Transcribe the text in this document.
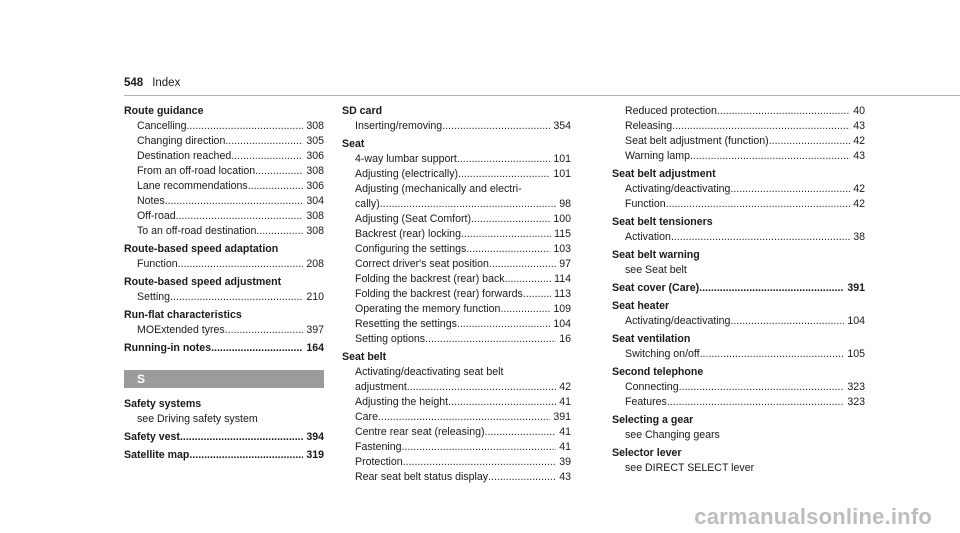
548 Index
Route guidance
Cancelling .....	308
Changing direction .....	305
Destination reached .....	306
From an off-road location .....	308
Lane recommendations .....	306
Notes .....	304
Off-road .....	308
To an off-road destination .....	308
Route-based speed adaptation
Function .....	208
Route-based speed adjustment
Setting .....	210
Run-flat characteristics
MOExtended tyres .....	397
Running-in notes .....	164
S
Safety systems
see Driving safety system
Safety vest .....	394
Satellite map .....	319
SD card
Inserting/removing .....	354
Seat
4-way lumbar support .....	101
Adjusting (electrically) .....	101
Adjusting (mechanically and electri-
cally) .....	98
Adjusting (Seat Comfort) .....	100
Backrest (rear) locking .....	115
Configuring the settings .....	103
Correct driver's seat position .....	97
Folding the backrest (rear) back .....	114
Folding the backrest (rear) forwards .....	113
Operating the memory function .....	109
Resetting the settings .....	104
Setting options .....	16
Seat belt
Activating/deactivating seat belt
adjustment .....	42
Adjusting the height .....	41
Care .....	391
Centre rear seat (releasing) .....	41
Fastening .....	41
Protection .....	39
Rear seat belt status display .....	43
Reduced protection .....	40
Releasing .....	43
Seat belt adjustment (function) .....	42
Warning lamp .....	43
Seat belt adjustment
Activating/deactivating .....	42
Function .....	42
Seat belt tensioners
Activation .....	38
Seat belt warning
see Seat belt
Seat cover (Care) .....	391
Seat heater
Activating/deactivating .....	104
Seat ventilation
Switching on/off .....	105
Second telephone
Connecting .....	323
Features .....	323
Selecting a gear
see Changing gears
Selector lever
see DIRECT SELECT lever
carmanualsonline.info
